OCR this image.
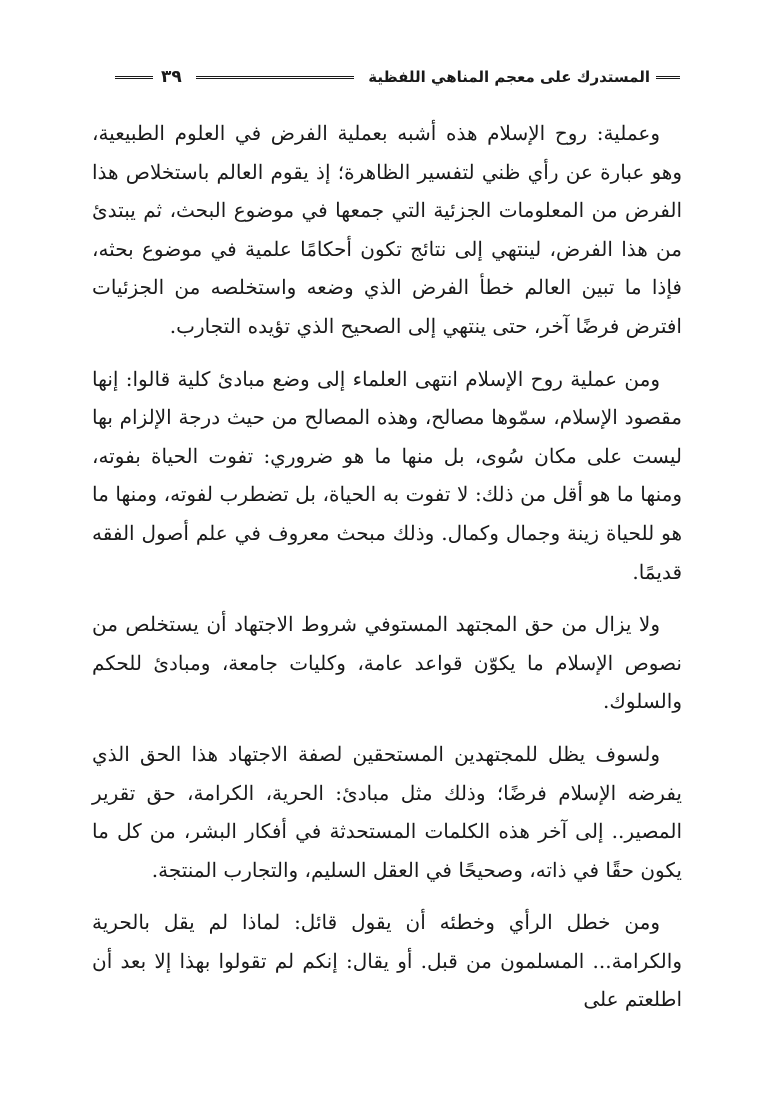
المستدرك على معجم المناهي اللفظية
٣٩

وعملية: روح الإسلام هذه أشبه بعملية الفرض في العلوم الطبيعية، وهو عبارة عن رأي ظني لتفسير الظاهرة؛ إذ يقوم العالم باستخلاص هذا الفرض من المعلومات الجزئية التي جمعها في موضوع البحث، ثم يبتدئ من هذا الفرض، لينتهي إلى نتائج تكون أحكامًا علمية في موضوع بحثه، فإذا ما تبين العالم خطأ الفرض الذي وضعه واستخلصه من الجزئيات افترض فرضًا آخر، حتى ينتهي إلى الصحيح الذي تؤيده التجارب.

ومن عملية روح الإسلام انتهى العلماء إلى وضع مبادئ كلية قالوا: إنها مقصود الإسلام، سمّوها مصالح، وهذه المصالح من حيث درجة الإلزام بها ليست على مكان سُوى، بل منها ما هو ضروري: تفوت الحياة بفوته، ومنها ما هو أقل من ذلك: لا تفوت به الحياة، بل تضطرب لفوته، ومنها ما هو للحياة زينة وجمال وكمال. وذلك مبحث معروف في علم أصول الفقه قديمًا.

ولا يزال من حق المجتهد المستوفي شروط الاجتهاد أن يستخلص من نصوص الإسلام ما يكوّن قواعد عامة، وكليات جامعة، ومبادئ للحكم والسلوك.

ولسوف يظل للمجتهدين المستحقين لصفة الاجتهاد هذا الحق الذي يفرضه الإسلام فرضًا؛ وذلك مثل مبادئ: الحرية، الكرامة، حق تقرير المصير.. إلى آخر هذه الكلمات المستحدثة في أفكار البشر، من كل ما يكون حقًا في ذاته، وصحيحًا في العقل السليم، والتجارب المنتجة.

ومن خطل الرأي وخطئه أن يقول قائل: لماذا لم يقل بالحرية والكرامة... المسلمون من قبل. أو يقال: إنكم لم تقولوا بهذا إلا بعد أن اطلعتم على
